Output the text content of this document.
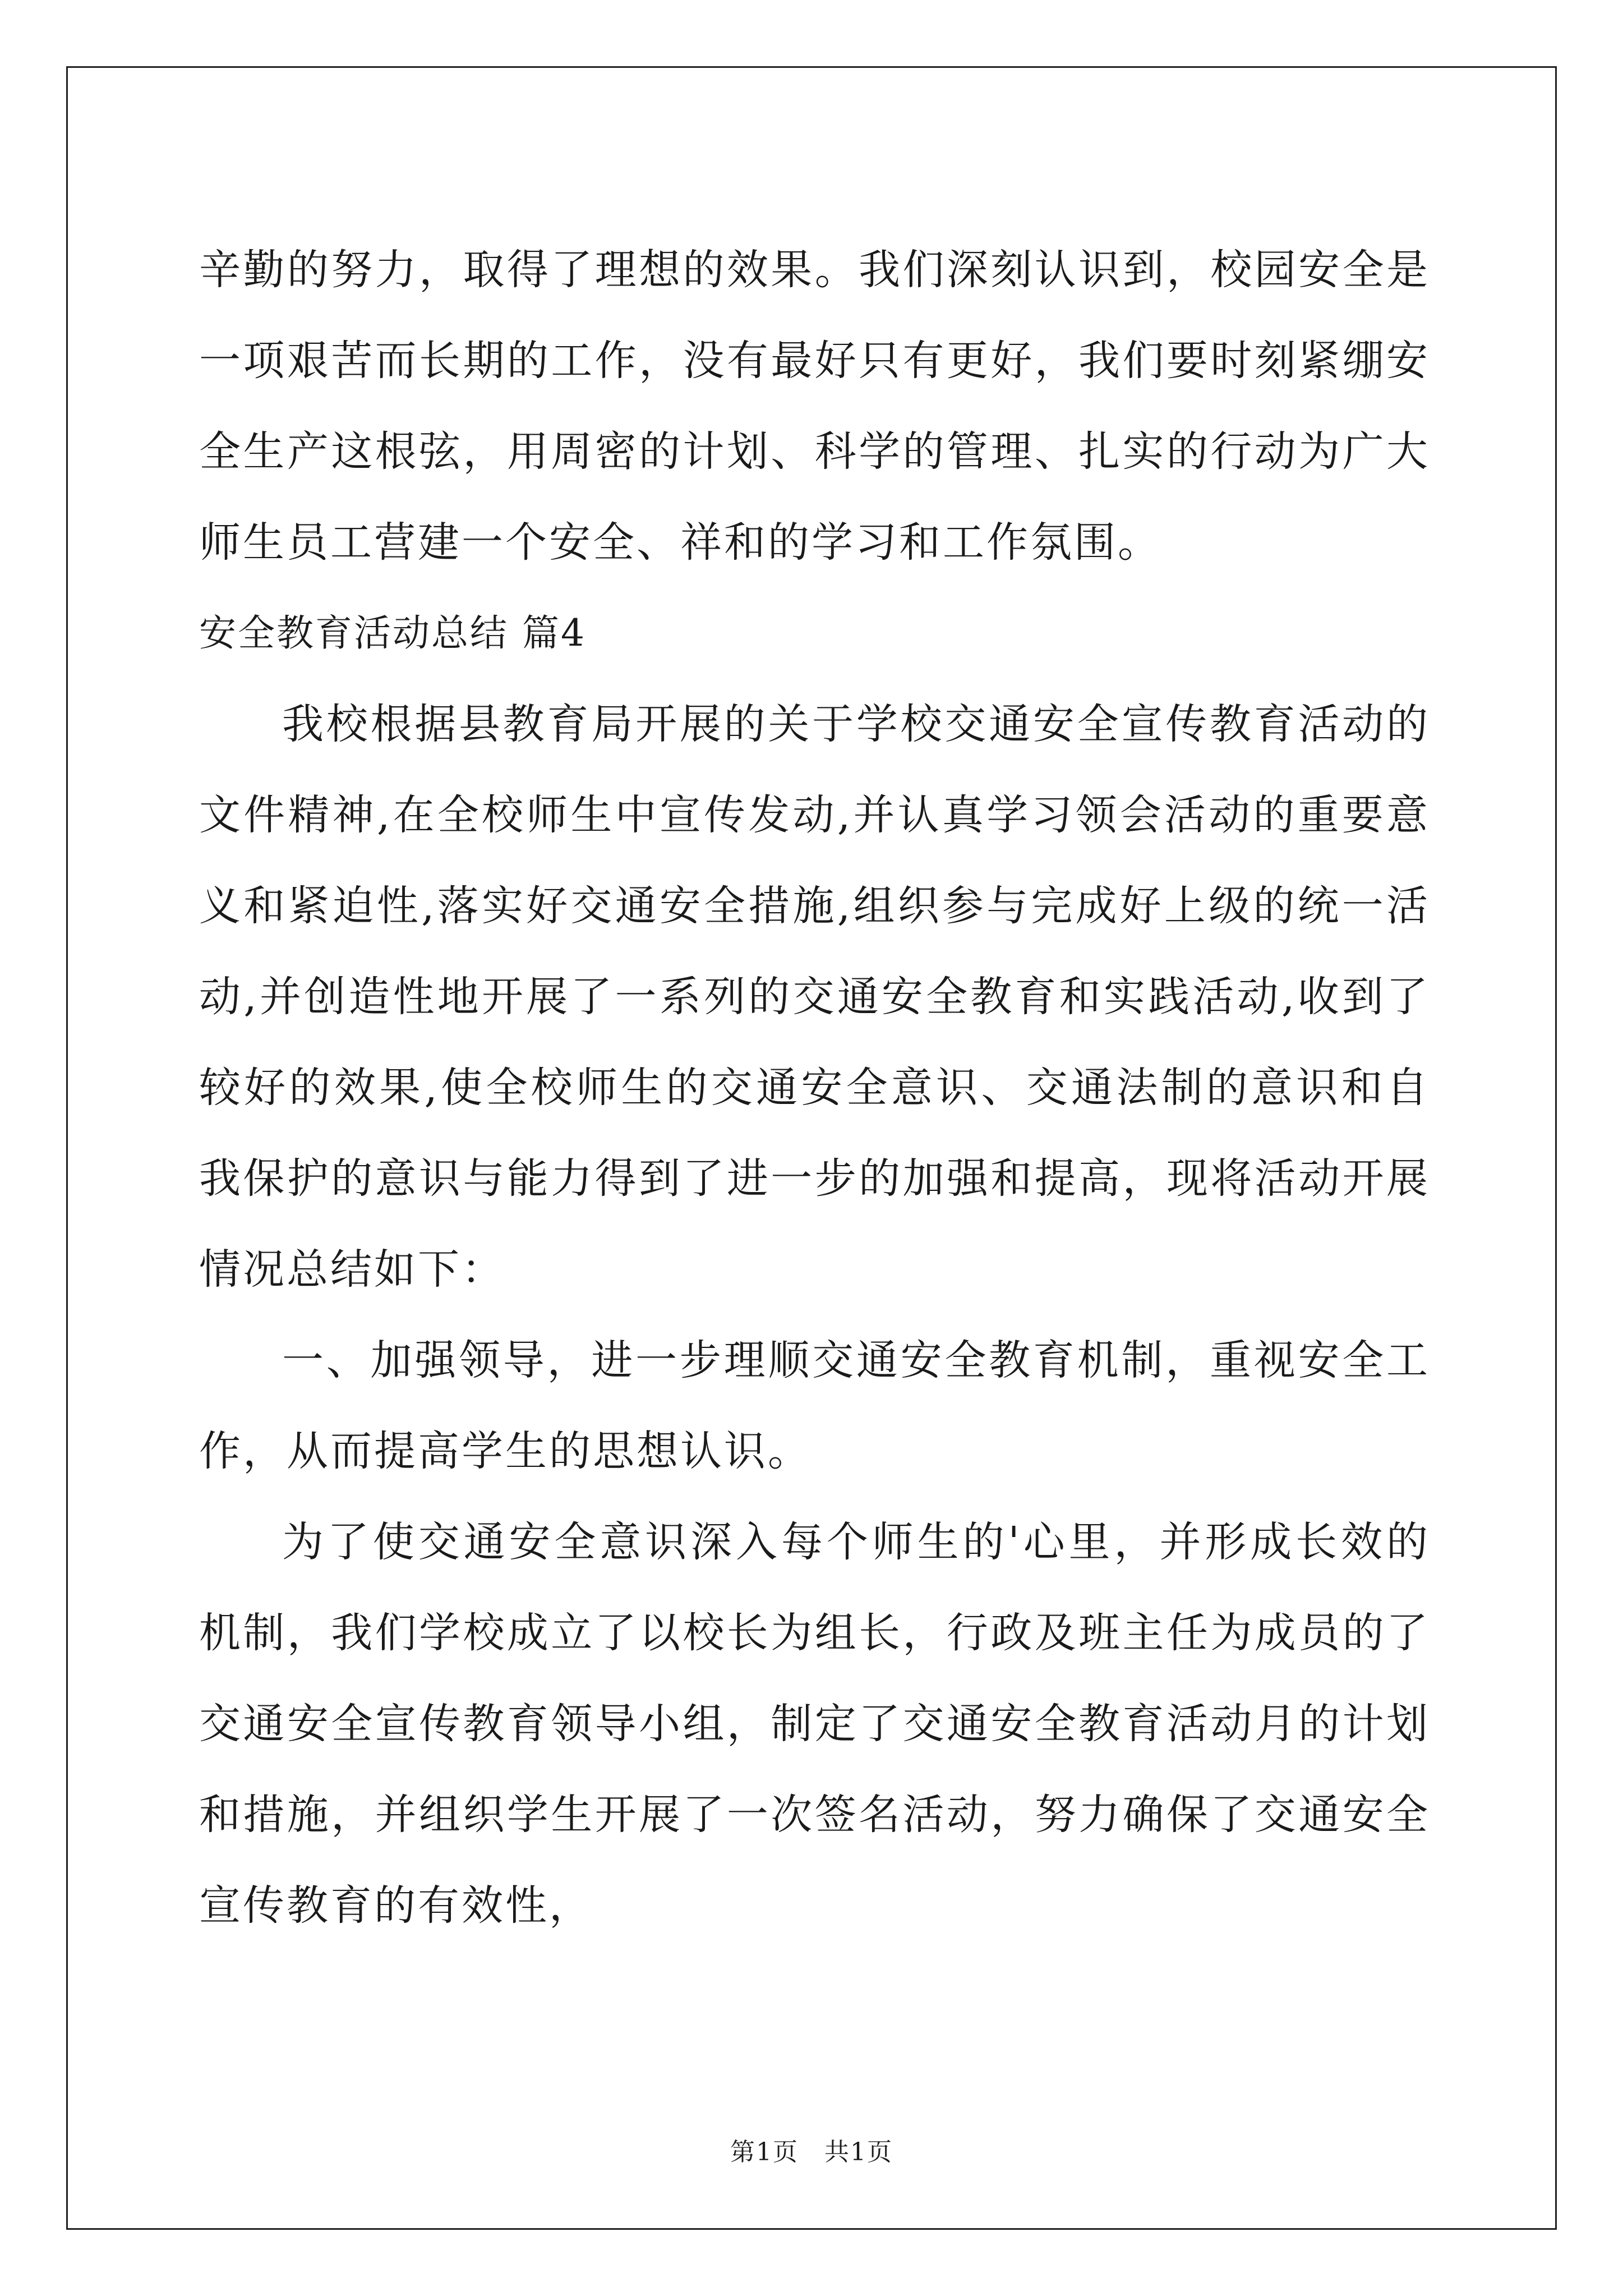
辛勤的努力，取得了理想的效果。我们深刻认识到，校园安全是一项艰苦而长期的工作，没有最好只有更好，我们要时刻紧绷安全生产这根弦，用周密的计划、科学的管理、扎实的行动为广大师生员工营建一个安全、祥和的学习和工作氛围。

安全教育活动总结 篇4

我校根据县教育局开展的关于学校交通安全宣传教育活动的文件精神,在全校师生中宣传发动,并认真学习领会活动的重要意义和紧迫性,落实好交通安全措施,组织参与完成好上级的统一活动,并创造性地开展了一系列的交通安全教育和实践活动,收到了较好的效果,使全校师生的交通安全意识、交通法制的意识和自我保护的意识与能力得到了进一步的加强和提高，现将活动开展情况总结如下：

一、加强领导，进一步理顺交通安全教育机制，重视安全工作，从而提高学生的思想认识。

为了使交通安全意识深入每个师生的'心里，并形成长效的机制，我们学校成立了以校长为组长，行政及班主任为成员的了交通安全宣传教育领导小组，制定了交通安全教育活动月的计划和措施，并组织学生开展了一次签名活动，努力确保了交通安全宣传教育的有效性，

第1页　共1页
